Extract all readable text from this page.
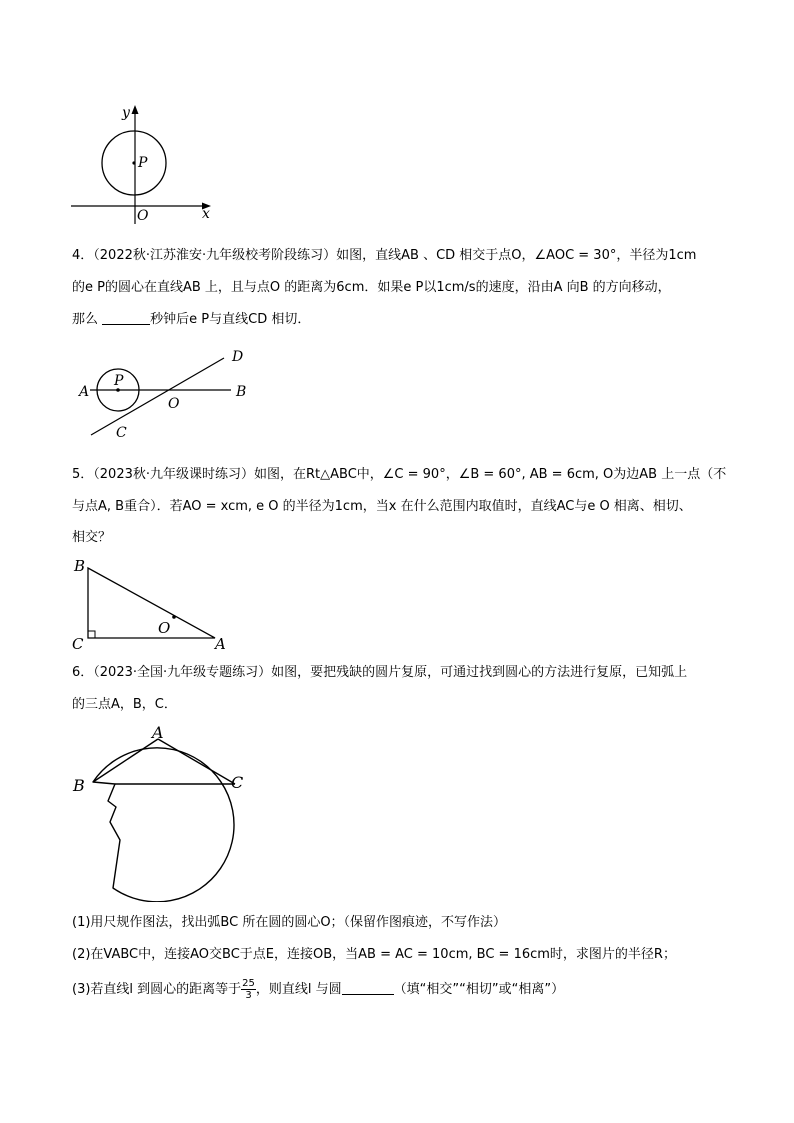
y
P
O	x
4．（2022秋·江苏淮安·九年级校考阶段练习）如图，直线AB 、CD 相交于点O，∠AOC = 30°，半径为1cm
的e P的圆心在直线AB 上，且与点O 的距离为6cm．如果e P以1cm/s的速度，沿由A 向B 的方向移动，
那么	秒钟后e P与直线CD 相切．
A
P
O
B
C
D
5．（2023秋·九年级课时练习）如图，在Rt△ABC中，∠C = 90°，∠B = 60°, AB = 6cm, O为边AB 上一点（不
与点A, B重合）．若AO = xcm, e O 的半径为1cm，当x 在什么范围内取值时，直线AC与e O 相离、相切、
相交？
B
C
O
A
6．（2023·全国·九年级专题练习）如图，要把残缺的圆片复原，可通过找到圆心的方法进行复原，已知弧上
的三点A，B，C．
A
B	C
(1)用尺规作图法，找出弧BC 所在圆的圆心O；（保留作图痕迹，不写作法）
(2)在VABC中，连接AO交BC于点E，连接OB，当AB = AC = 10cm, BC = 16cm时，求图片的半径R；
(3)若直线l 到圆心的距离等于 $\frac{25}{3}$ ，则直线l 与圆	（填“相交”“相切”或“相离”）
